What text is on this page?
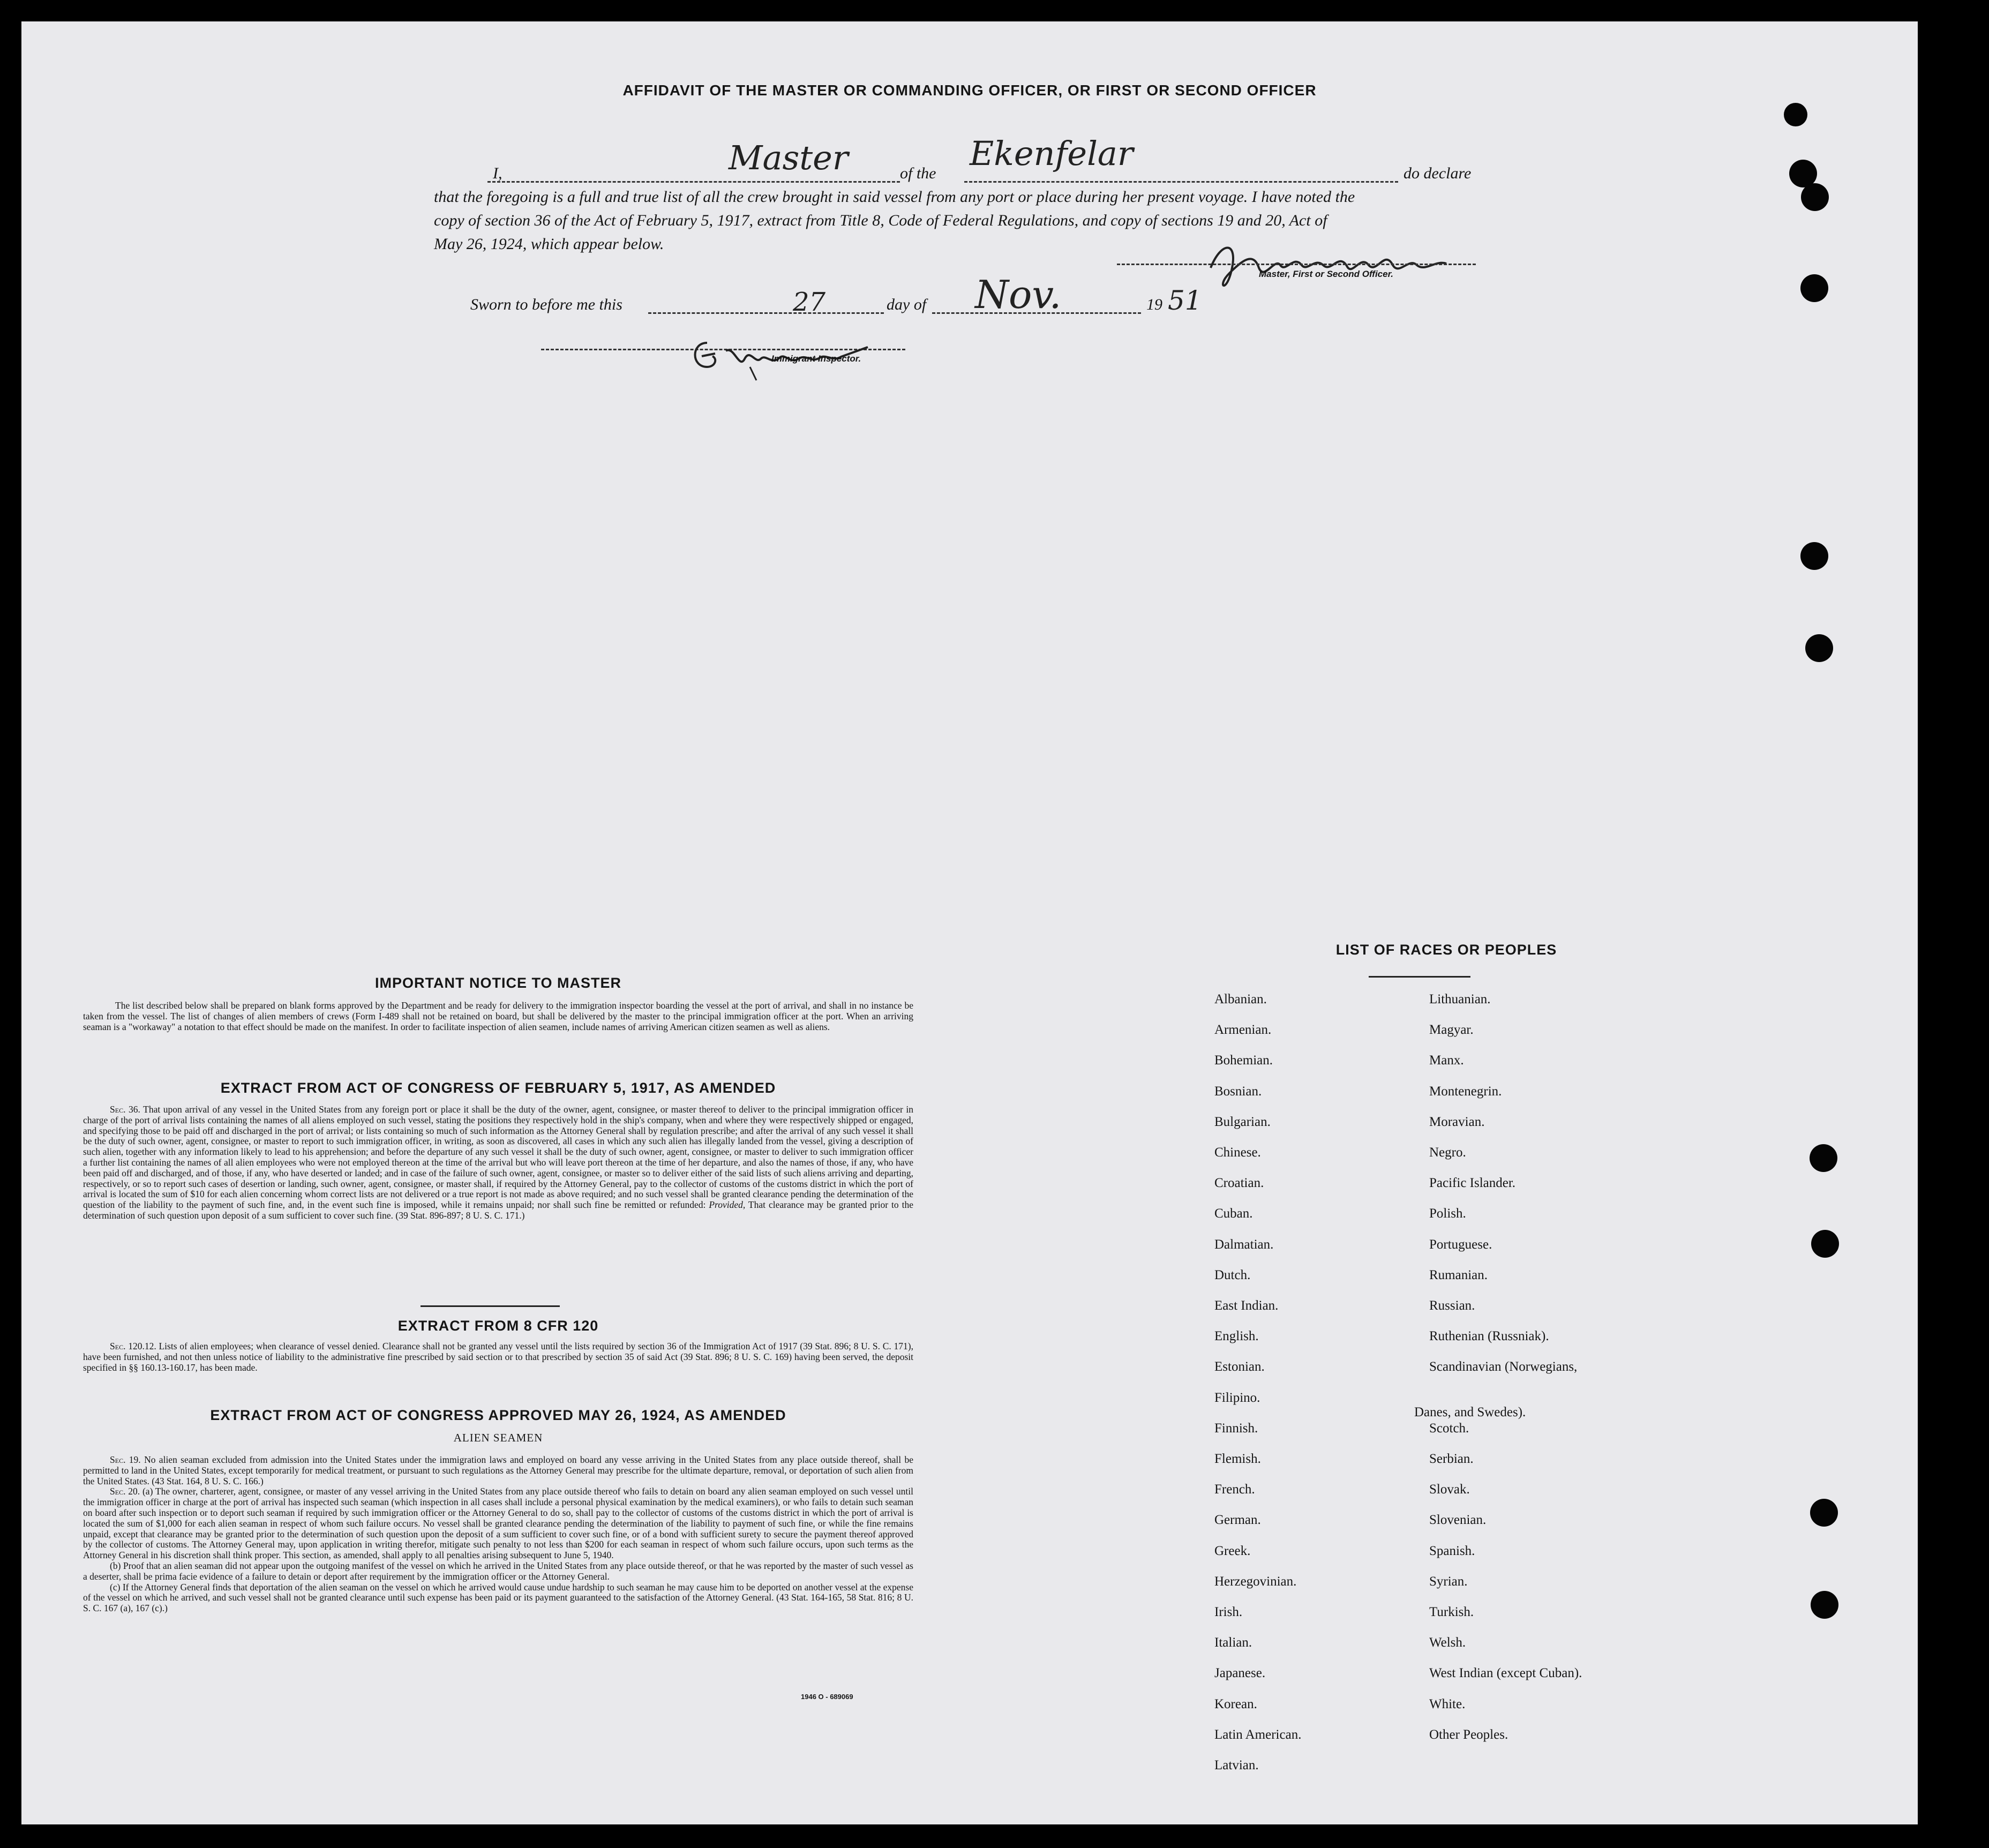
AFFIDAVIT OF THE MASTER OR COMMANDING OFFICER, OR FIRST OR SECOND OFFICER

I,	of the	do declare

that the foregoing is a full and true list of all the crew brought in said vessel from any port or place during her present voyage. I have noted the

copy of section 36 of the Act of February 5, 1917, extract from Title 8, Code of Federal Regulations, and copy of sections 19 and 20, Act of

May 26, 1924, which appear below.

Master	Ekenfelar
Master, First or Second Officer.
Sworn to before me this	27	day of Nov.	19 51
Immigrant Inspector.
IMPORTANT NOTICE TO MASTER

The list described below shall be prepared on blank forms approved by the Department and be ready for delivery to the immigration inspector boarding the vessel at the port of arrival, and shall in no instance be taken from the vessel. The list of changes of alien members of crews (Form I-489 shall not be retained on board, but shall be delivered by the master to the principal immigration officer at the port. When an arriving seaman is a "workaway" a notation to that effect should be made on the manifest. In order to facilitate inspection of alien seamen, include names of arriving American citizen seamen as well as aliens.

EXTRACT FROM ACT OF CONGRESS OF FEBRUARY 5, 1917, AS AMENDED

Sec. 36. That upon arrival of any vessel in the United States from any foreign port or place it shall be the duty of the owner, agent, consignee, or master thereof to deliver to the principal immigration officer in charge of the port of arrival lists containing the names of all aliens employed on such vessel, stating the positions they respectively hold in the ship's company, when and where they were respectively shipped or engaged, and specifying those to be paid off and discharged in the port of arrival; or lists containing so much of such information as the Attorney General shall by regulation prescribe; and after the arrival of any such vessel it shall be the duty of such owner, agent, consignee, or master to report to such immigration officer, in writing, as soon as discovered, all cases in which any such alien has illegally landed from the vessel, giving a description of such alien, together with any information likely to lead to his apprehension; and before the departure of any such vessel it shall be the duty of such owner, agent, consignee, or master to deliver to such immigration officer a further list containing the names of all alien employees who were not employed thereon at the time of the arrival but who will leave port thereon at the time of her departure, and also the names of those, if any, who have been paid off and discharged, and of those, if any, who have deserted or landed; and in case of the failure of such owner, agent, consignee, or master so to deliver either of the said lists of such aliens arriving and departing, respectively, or so to report such cases of desertion or landing, such owner, agent, consignee, or master shall, if required by the Attorney General, pay to the collector of customs of the customs district in which the port of arrival is located the sum of $10 for each alien concerning whom correct lists are not delivered or a true report is not made as above required; and no such vessel shall be granted clearance pending the determination of the question of the liability to the payment of such fine, and, in the event such fine is imposed, while it remains unpaid; nor shall such fine be remitted or refunded: Provided, That clearance may be granted prior to the determination of such question upon deposit of a sum sufficient to cover such fine. (39 Stat. 896-897; 8 U. S. C. 171.)

EXTRACT FROM 8 CFR 120

Sec. 120.12. Lists of alien employees; when clearance of vessel denied. Clearance shall not be granted any vessel until the lists required by section 36 of the Immigration Act of 1917 (39 Stat. 896; 8 U. S. C. 171), have been furnished, and not then unless notice of liability to the administrative fine prescribed by said section or to that prescribed by section 35 of said Act (39 Stat. 896; 8 U. S. C. 169) having been served, the deposit specified in §§ 160.13-160.17, has been made.

EXTRACT FROM ACT OF CONGRESS APPROVED MAY 26, 1924, AS AMENDED
ALIEN SEAMEN

Sec. 19. No alien seaman excluded from admission into the United States under the immigration laws and employed on board any vesse arriving in the United States from any place outside thereof, shall be permitted to land in the United States, except temporarily for medical treatment, or pursuant to such regulations as the Attorney General may prescribe for the ultimate departure, removal, or deportation of such alien from the United States. (43 Stat. 164, 8 U. S. C. 166.)

Sec. 20. (a) The owner, charterer, agent, consignee, or master of any vessel arriving in the United States from any place outside thereof who fails to detain on board any alien seaman employed on such vessel until the immigration officer in charge at the port of arrival has inspected such seaman (which inspection in all cases shall include a personal physical examination by the medical examiners), or who fails to detain such seaman on board after such inspection or to deport such seaman if required by such immigration officer or the Attorney General to do so, shall pay to the collector of customs of the customs district in which the port of arrival is located the sum of $1,000 for each alien seaman in respect of whom such failure occurs. No vessel shall be granted clearance pending the determination of the liability to payment of such fine, or while the fine remains unpaid, except that clearance may be granted prior to the determination of such question upon the deposit of a sum sufficient to cover such fine, or of a bond with sufficient surety to secure the payment thereof approved by the collector of customs. The Attorney General may, upon application in writing therefor, mitigate such penalty to not less than $200 for each seaman in respect of whom such failure occurs, upon such terms as the Attorney General in his discretion shall think proper. This section, as amended, shall apply to all penalties arising subsequent to June 5, 1940.

(b) Proof that an alien seaman did not appear upon the outgoing manifest of the vessel on which he arrived in the United States from any place outside thereof, or that he was reported by the master of such vessel as a deserter, shall be prima facie evidence of a failure to detain or deport after requirement by the immigration officer or the Attorney General.

(c) If the Attorney General finds that deportation of the alien seaman on the vessel on which he arrived would cause undue hardship to such seaman he may cause him to be deported on another vessel at the expense of the vessel on which he arrived, and such vessel shall not be granted clearance until such expense has been paid or its payment guaranteed to the satisfaction of the Attorney General. (43 Stat. 164-165, 58 Stat. 816; 8 U. S. C. 167 (a), 167 (c).)

1946 O - 689069
LIST OF RACES OR PEOPLES
Albanian.
Armenian.
Bohemian.
Bosnian.
Bulgarian.
Chinese.
Croatian.
Cuban.
Dalmatian.
Dutch.
East Indian.
English.
Estonian.
Filipino.
Finnish.
Flemish.
French.
German.
Greek.
Herzegovinian.
Irish.
Italian.
Japanese.
Korean.
Latin American.
Latvian.
Lithuanian.
Magyar.
Manx.
Montenegrin.
Moravian.
Negro.
Pacific Islander.
Polish.
Portuguese.
Rumanian.
Russian.
Ruthenian (Russniak).
Scandinavian (Norwegians,
Danes, and Swedes).
Scotch.
Serbian.
Slovak.
Slovenian.
Spanish.
Syrian.
Turkish.
Welsh.
West Indian (except Cuban).
White.
Other Peoples.
